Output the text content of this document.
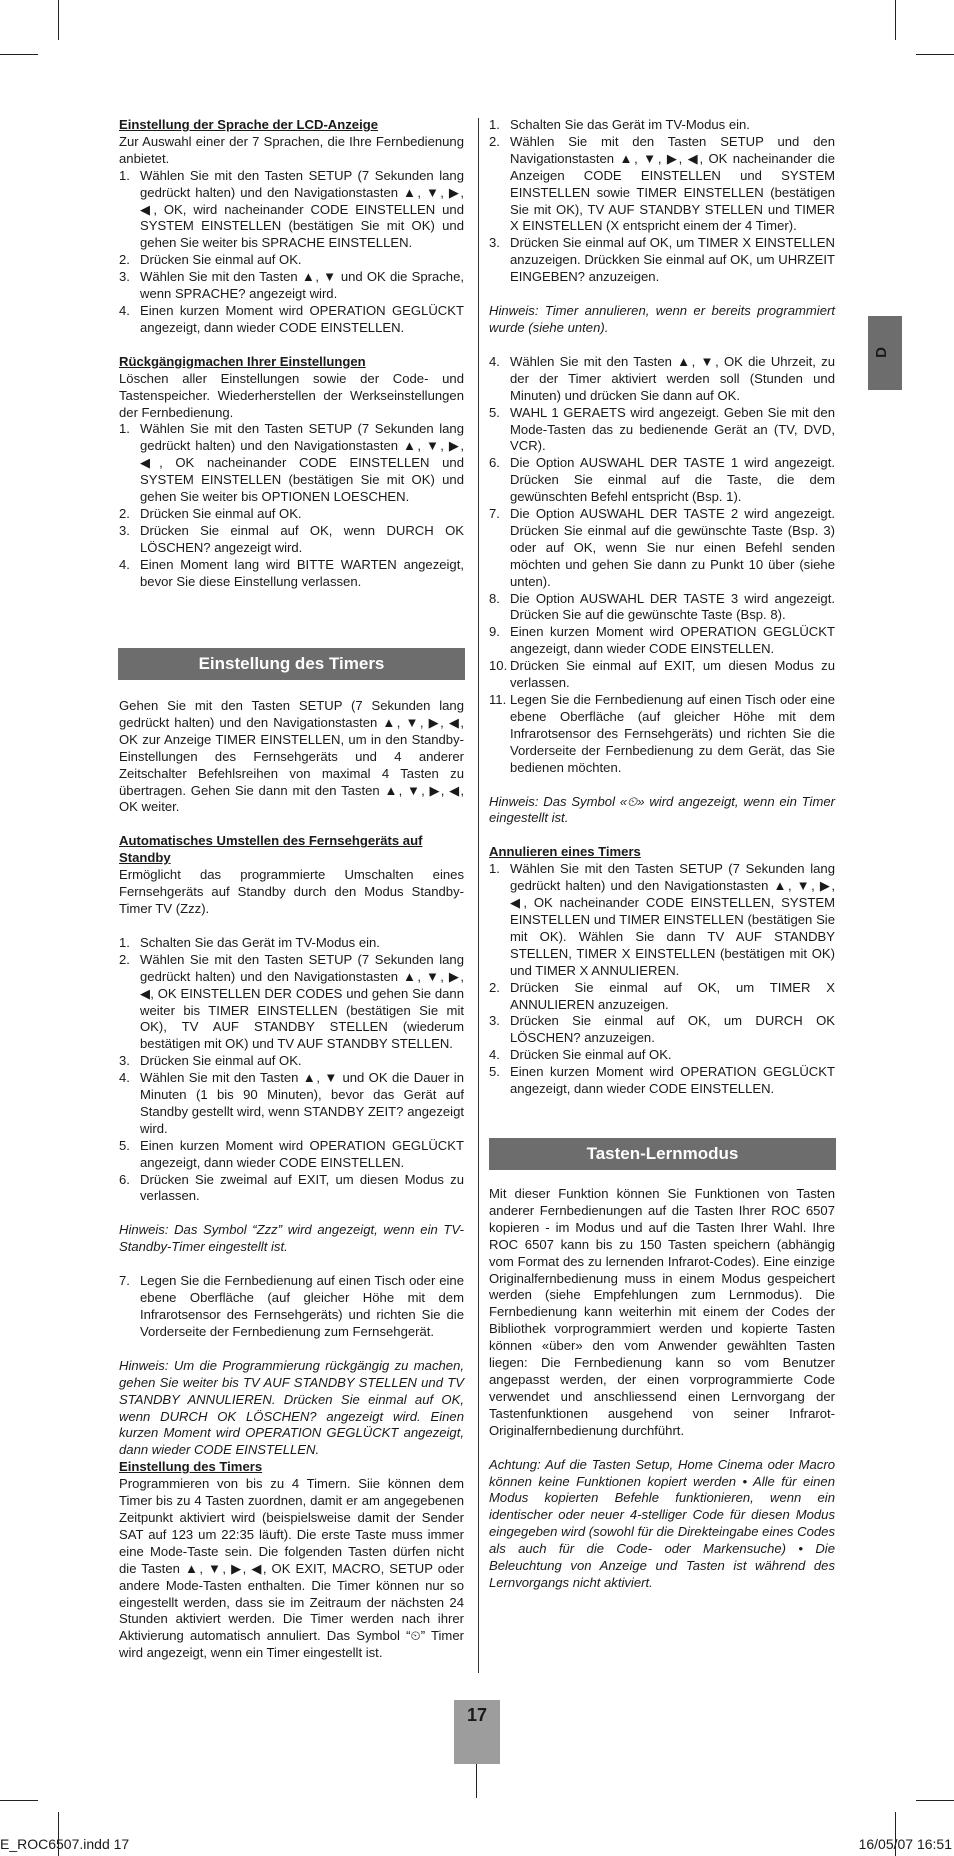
Einstellung der Sprache der LCD-Anzeige

Zur Auswahl einer der 7 Sprachen, die Ihre Fernbedienung anbietet.

1. Wählen Sie mit den Tasten SETUP (7 Sekunden lang gedrückt halten) und den Navigationstasten ▲, ▼, ▶, ◀, OK, wird nacheinander CODE EINSTELLEN und SYSTEM EINSTELLEN (bestätigen Sie mit OK) und gehen Sie weiter bis SPRACHE EINSTELLEN.
2. Drücken Sie einmal auf OK.
3. Wählen Sie mit den Tasten ▲, ▼ und OK die Sprache, wenn SPRACHE? angezeigt wird.
4. Einen kurzen Moment wird OPERATION GEGLÜCKT angezeigt, dann wieder CODE EINSTELLEN.

Rückgängigmachen Ihrer Einstellungen

Löschen aller Einstellungen sowie der Code- und Tastenspeicher. Wiederherstellen der Werkseinstellungen der Fernbedienung.

1. Wählen Sie mit den Tasten SETUP (7 Sekunden lang gedrückt halten) und den Navigationstasten ▲, ▼, ▶, ◀, OK nacheinander CODE EINSTELLEN und SYSTEM EINSTELLEN (bestätigen Sie mit OK) und gehen Sie weiter bis OPTIONEN LOESCHEN.
2. Drücken Sie einmal auf OK.
3. Drücken Sie einmal auf OK, wenn DURCH OK LÖSCHEN? angezeigt wird.
4. Einen Moment lang wird BITTE WARTEN angezeigt, bevor Sie diese Einstellung verlassen.
Einstellung des Timers

Gehen Sie mit den Tasten SETUP (7 Sekunden lang gedrückt halten) und den Navigationstasten ▲, ▼, ▶, ◀, OK zur Anzeige TIMER EINSTELLEN, um in den Standby-Einstellungen des Fernsehgeräts und 4 anderer Zeitschalter Befehlsreihen von maximal 4 Tasten zu übertragen. Gehen Sie dann mit den Tasten ▲, ▼, ▶, ◀, OK weiter.

Automatisches Umstellen des Fernsehgeräts auf Standby

Ermöglicht das programmierte Umschalten eines Fernsehgeräts auf Standby durch den Modus Standby-Timer TV (Zzz).

1. Schalten Sie das Gerät im TV-Modus ein.
2. Wählen Sie mit den Tasten SETUP (7 Sekunden lang gedrückt halten) und den Navigationstasten ▲, ▼, ▶, ◀, OK EINSTELLEN DER CODES und gehen Sie dann weiter bis TIMER EINSTELLEN (bestätigen Sie mit OK), TV AUF STANDBY STELLEN (wiederum bestätigen mit OK) und TV AUF STANDBY STELLEN.
3. Drücken Sie einmal auf OK.
4. Wählen Sie mit den Tasten ▲, ▼ und OK die Dauer in Minuten (1 bis 90 Minuten), bevor das Gerät auf Standby gestellt wird, wenn STANDBY ZEIT? angezeigt wird.
5. Einen kurzen Moment wird OPERATION GEGLÜCKT angezeigt, dann wieder CODE EINSTELLEN.
6. Drücken Sie zweimal auf EXIT, um diesen Modus zu verlassen.

Hinweis: Das Symbol “Zzz” wird angezeigt, wenn ein TV-Standby-Timer eingestellt ist.

7. Legen Sie die Fernbedienung auf einen Tisch oder eine ebene Oberfläche (auf gleicher Höhe mit dem Infrarotsensor des Fernsehgeräts) und richten Sie die Vorderseite der Fernbedienung zum Fernsehgerät.

Hinweis: Um die Programmierung rückgängig zu machen, gehen Sie weiter bis TV AUF STANDBY STELLEN und TV STANDBY ANNULIEREN. Drücken Sie einmal auf OK, wenn DURCH OK LÖSCHEN? angezeigt wird. Einen kurzen Moment wird OPERATION GEGLÜCKT angezeigt, dann wieder CODE EINSTELLEN.

Einstellung des Timers

Programmieren von bis zu 4 Timern. Siie können dem Timer bis zu 4 Tasten zuordnen, damit er am angegebenen Zeitpunkt aktiviert wird (beispielsweise damit der Sender SAT auf 123 um 22:35 läuft). Die erste Taste muss immer eine Mode-Taste sein. Die folgenden Tasten dürfen nicht die Tasten ▲, ▼, ▶, ◀, OK EXIT, MACRO, SETUP oder andere Mode-Tasten enthalten. Die Timer können nur so eingestellt werden, dass sie im Zeitraum der nächsten 24 Stunden aktiviert werden. Die Timer werden nach ihrer Aktivierung automatisch annuliert. Das Symbol “⏲” Timer wird angezeigt, wenn ein Timer eingestellt ist.

1. Schalten Sie das Gerät im TV-Modus ein.
2. Wählen Sie mit den Tasten SETUP und den Navigationstasten ▲, ▼, ▶, ◀, OK nacheinander die Anzeigen CODE EINSTELLEN und SYSTEM EINSTELLEN sowie TIMER EINSTELLEN (bestätigen Sie mit OK), TV AUF STANDBY STELLEN und TIMER X EINSTELLEN (X entspricht einem der 4 Timer).
3. Drücken Sie einmal auf OK, um TIMER X EINSTELLEN anzuzeigen. Drückken Sie einmal auf OK, um UHRZEIT EINGEBEN? anzuzeigen.

Hinweis: Timer annulieren, wenn er bereits programmiert wurde (siehe unten).

4. Wählen Sie mit den Tasten ▲, ▼, OK die Uhrzeit, zu der der Timer aktiviert werden soll (Stunden und Minuten) und drücken Sie dann auf OK.
5. WAHL 1 GERAETS wird angezeigt. Geben Sie mit den Mode-Tasten das zu bedienende Gerät an (TV, DVD, VCR).
6. Die Option AUSWAHL DER TASTE 1 wird angezeigt. Drücken Sie einmal auf die Taste, die dem gewünschten Befehl entspricht (Bsp. 1).
7. Die Option AUSWAHL DER TASTE 2 wird angezeigt. Drücken Sie einmal auf die gewünschte Taste (Bsp. 3) oder auf OK, wenn Sie nur einen Befehl senden möchten und gehen Sie dann zu Punkt 10 über (siehe unten).
8. Die Option AUSWAHL DER TASTE 3 wird angezeigt. Drücken Sie auf die gewünschte Taste (Bsp. 8).
9. Einen kurzen Moment wird OPERATION GEGLÜCKT angezeigt, dann wieder CODE EINSTELLEN.
10. Drücken Sie einmal auf EXIT, um diesen Modus zu verlassen.
11. Legen Sie die Fernbedienung auf einen Tisch oder eine ebene Oberfläche (auf gleicher Höhe mit dem Infrarotsensor des Fernsehgeräts) und richten Sie die Vorderseite der Fernbedienung zu dem Gerät, das Sie bedienen möchten.

Hinweis: Das Symbol «⏲» wird angezeigt, wenn ein Timer eingestellt ist.

Annulieren eines Timers

1. Wählen Sie mit den Tasten SETUP (7 Sekunden lang gedrückt halten) und den Navigationstasten ▲, ▼, ▶, ◀, OK nacheinander CODE EINSTELLEN, SYSTEM EINSTELLEN und TIMER EINSTELLEN (bestätigen Sie mit OK). Wählen Sie dann TV AUF STANDBY STELLEN, TIMER X EINSTELLEN (bestätigen mit OK) und TIMER X ANNULIEREN.
2. Drücken Sie einmal auf OK, um TIMER X ANNULIEREN anzuzeigen.
3. Drücken Sie einmal auf OK, um DURCH OK LÖSCHEN? anzuzeigen.
4. Drücken Sie einmal auf OK.
5. Einen kurzen Moment wird OPERATION GEGLÜCKT angezeigt, dann wieder CODE EINSTELLEN.
Tasten-Lernmodus

Mit dieser Funktion können Sie Funktionen von Tasten anderer Fernbedienungen auf die Tasten Ihrer ROC 6507 kopieren - im Modus und auf die Tasten Ihrer Wahl. Ihre ROC 6507 kann bis zu 150 Tasten speichern (abhängig vom Format des zu lernenden Infrarot-Codes). Eine einzige Originalfernbedienung muss in einem Modus gespeichert werden (siehe Empfehlungen zum Lernmodus). Die Fernbedienung kann weiterhin mit einem der Codes der Bibliothek vorprogrammiert werden und kopierte Tasten können «über» den vom Anwender gewählten Tasten liegen: Die Fernbedienung kann so vom Benutzer angepasst werden, der einen vorprogrammierte Code verwendet und anschliessend einen Lernvorgang der Tastenfunktionen ausgehend von seiner Infrarot-Originalfernbedienung durchführt.

Achtung: Auf die Tasten Setup, Home Cinema oder Macro können keine Funktionen kopiert werden • Alle für einen Modus kopierten Befehle funktionieren, wenn ein identischer oder neuer 4-stelliger Code für diesen Modus eingegeben wird (sowohl für die Direkteingabe eines Codes als auch für die Code- oder Markensuche) • Die Beleuchtung von Anzeige und Tasten ist während des Lernvorgangs nicht aktiviert.

D
17
E_ROC6507.indd 17	16/05/07 16:51
